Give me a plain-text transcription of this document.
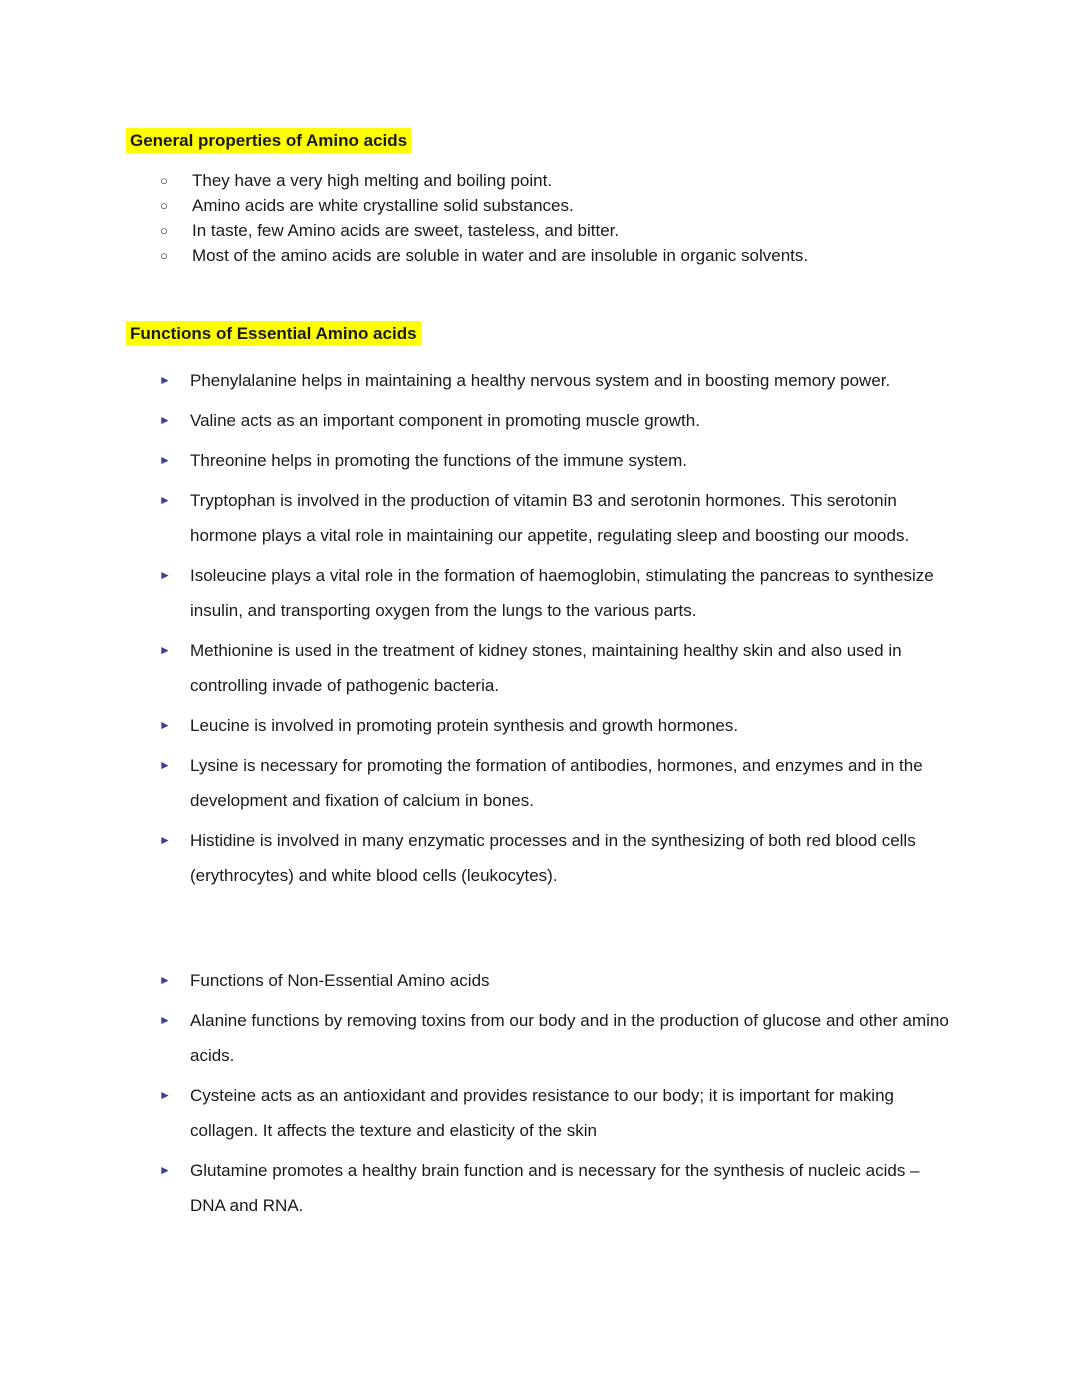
General properties of Amino acids
○ They have a very high melting and boiling point.
○ Amino acids are white crystalline solid substances.
○ In taste, few Amino acids are sweet, tasteless, and bitter.
○ Most of the amino acids are soluble in water and are insoluble in organic solvents.
Functions of Essential Amino acids
► Phenylalanine helps in maintaining a healthy nervous system and in boosting memory power.
► Valine acts as an important component in promoting muscle growth.
► Threonine helps in promoting the functions of the immune system.
► Tryptophan is involved in the production of vitamin B3 and serotonin hormones. This serotonin hormone plays a vital role in maintaining our appetite, regulating sleep and boosting our moods.
► Isoleucine plays a vital role in the formation of haemoglobin, stimulating the pancreas to synthesize insulin, and transporting oxygen from the lungs to the various parts.
► Methionine is used in the treatment of kidney stones, maintaining healthy skin and also used in controlling invade of pathogenic bacteria.
► Leucine is involved in promoting protein synthesis and growth hormones.
► Lysine is necessary for promoting the formation of antibodies, hormones, and enzymes and in the development and fixation of calcium in bones.
► Histidine is involved in many enzymatic processes and in the synthesizing of both red blood cells (erythrocytes) and white blood cells (leukocytes).
► Functions of Non-Essential Amino acids
► Alanine functions by removing toxins from our body and in the production of glucose and other amino acids.
► Cysteine acts as an antioxidant and provides resistance to our body; it is important for making collagen. It affects the texture and elasticity of the skin
► Glutamine promotes a healthy brain function and is necessary for the synthesis of nucleic acids – DNA and RNA.
